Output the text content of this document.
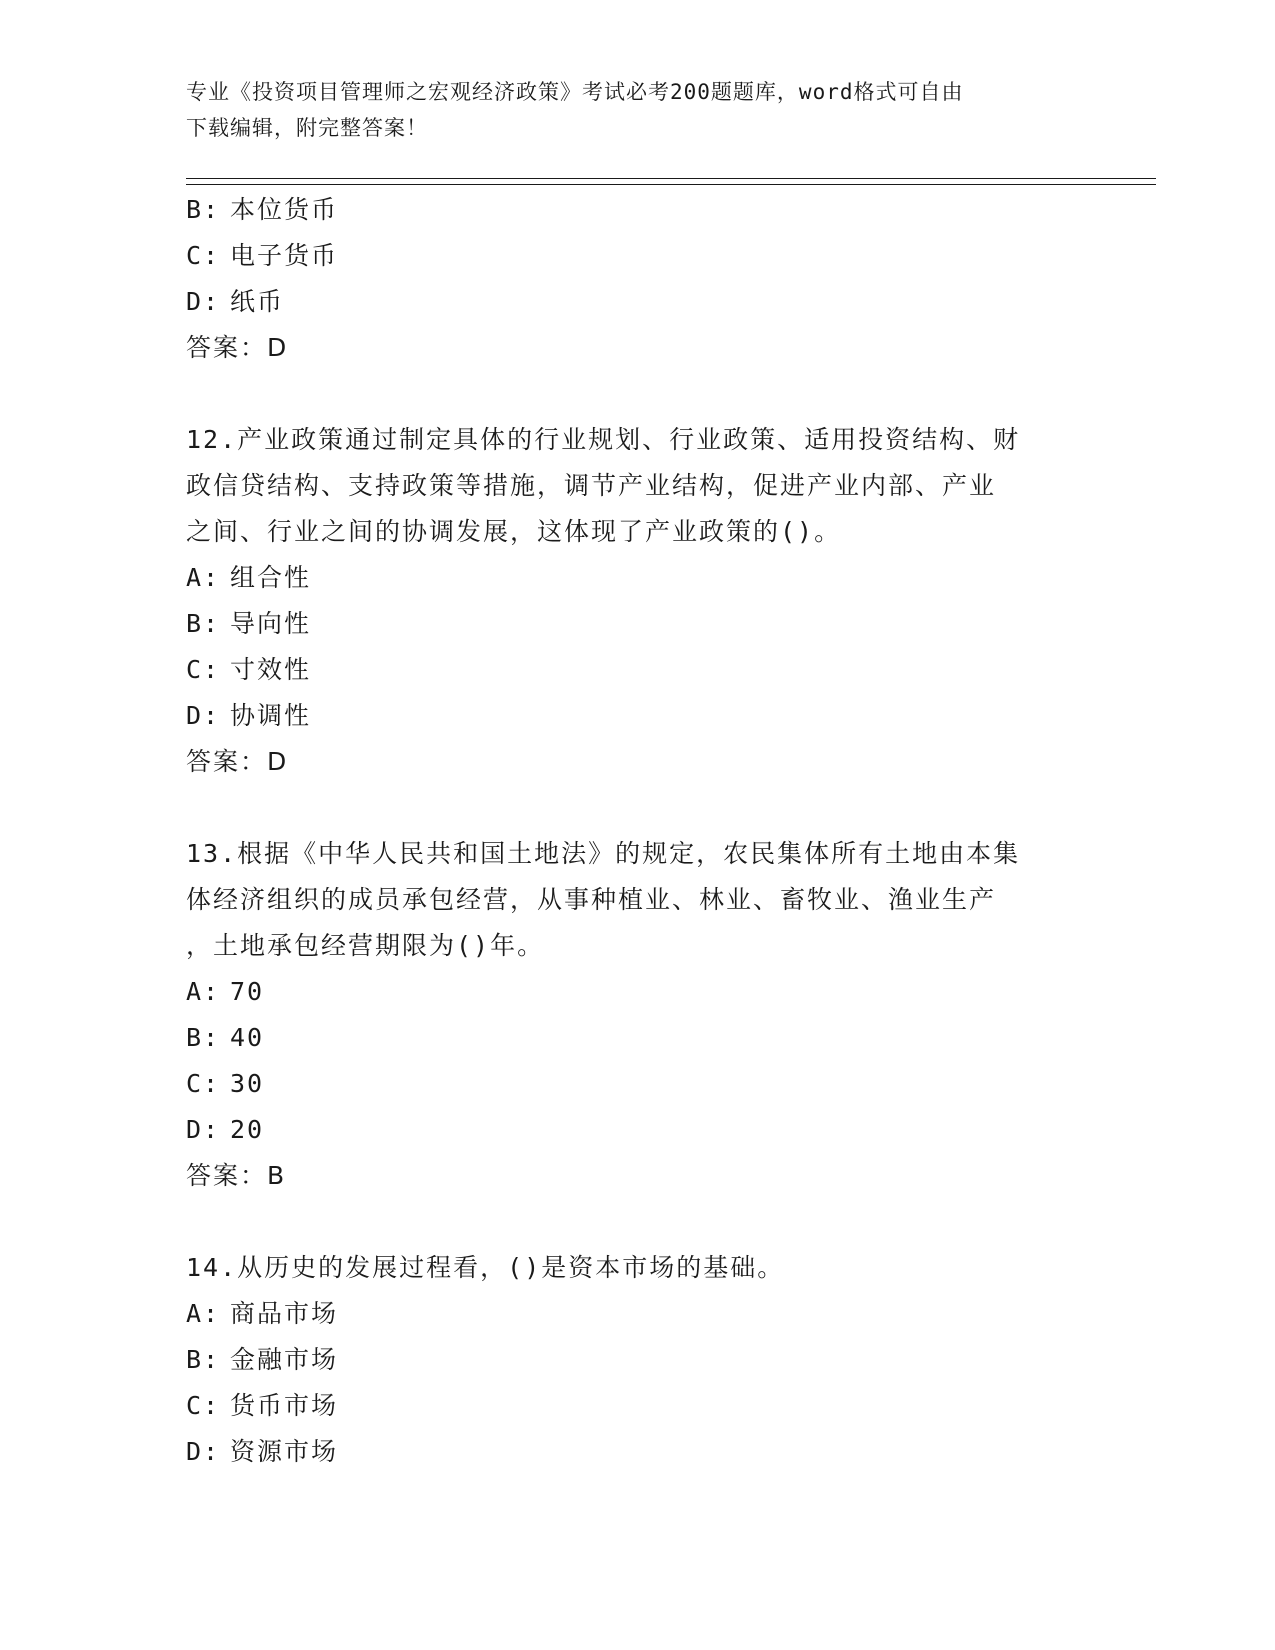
专业《投资项目管理师之宏观经济政策》考试必考200题题库，word格式可自由
下载编辑，附完整答案！
B: 本位货币
C: 电子货币
D: 纸币
答案：D
12.产业政策通过制定具体的行业规划、行业政策、适用投资结构、财
政信贷结构、支持政策等措施，调节产业结构，促进产业内部、产业
之间、行业之间的协调发展，这体现了产业政策的()。
A: 组合性
B: 导向性
C: 寸效性
D: 协调性
答案：D
13.根据《中华人民共和国土地法》的规定，农民集体所有土地由本集
体经济组织的成员承包经营，从事种植业、林业、畜牧业、渔业生产
，土地承包经营期限为()年。
A: 70
B: 40
C: 30
D: 20
答案：B
14.从历史的发展过程看，()是资本市场的基础。
A: 商品市场
B: 金融市场
C: 货币市场
D: 资源市场
